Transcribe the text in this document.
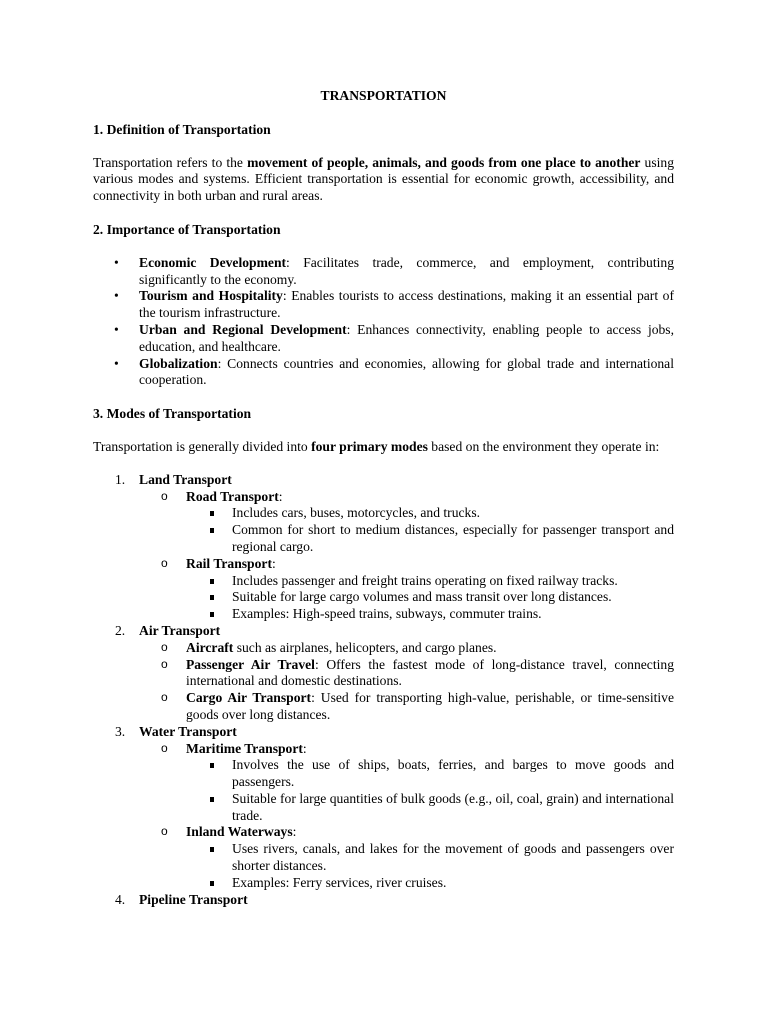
TRANSPORTATION

1. Definition of Transportation

Transportation refers to the movement of people, animals, and goods from one place to another using various modes and systems. Efficient transportation is essential for economic growth, accessibility, and connectivity in both urban and rural areas.

2. Importance of Transportation
• Economic Development: Facilitates trade, commerce, and employment, contributing significantly to the economy.
• Tourism and Hospitality: Enables tourists to access destinations, making it an essential part of the tourism infrastructure.
• Urban and Regional Development: Enhances connectivity, enabling people to access jobs, education, and healthcare.
• Globalization: Connects countries and economies, allowing for global trade and international cooperation.
3. Modes of Transportation

Transportation is generally divided into four primary modes based on the environment they operate in:

1. Land Transport
o Road Transport:
Includes cars, buses, motorcycles, and trucks.
Common for short to medium distances, especially for passenger transport and regional cargo.
o Rail Transport:
Includes passenger and freight trains operating on fixed railway tracks.
Suitable for large cargo volumes and mass transit over long distances.
Examples: High-speed trains, subways, commuter trains.
2. Air Transport
o Aircraft such as airplanes, helicopters, and cargo planes.
o Passenger Air Travel: Offers the fastest mode of long-distance travel, connecting international and domestic destinations.
o Cargo Air Transport: Used for transporting high-value, perishable, or time-sensitive goods over long distances.
3. Water Transport
o Maritime Transport:
Involves the use of ships, boats, ferries, and barges to move goods and passengers.
Suitable for large quantities of bulk goods (e.g., oil, coal, grain) and international trade.
o Inland Waterways:
Uses rivers, canals, and lakes for the movement of goods and passengers over shorter distances.
Examples: Ferry services, river cruises.
4. Pipeline Transport
